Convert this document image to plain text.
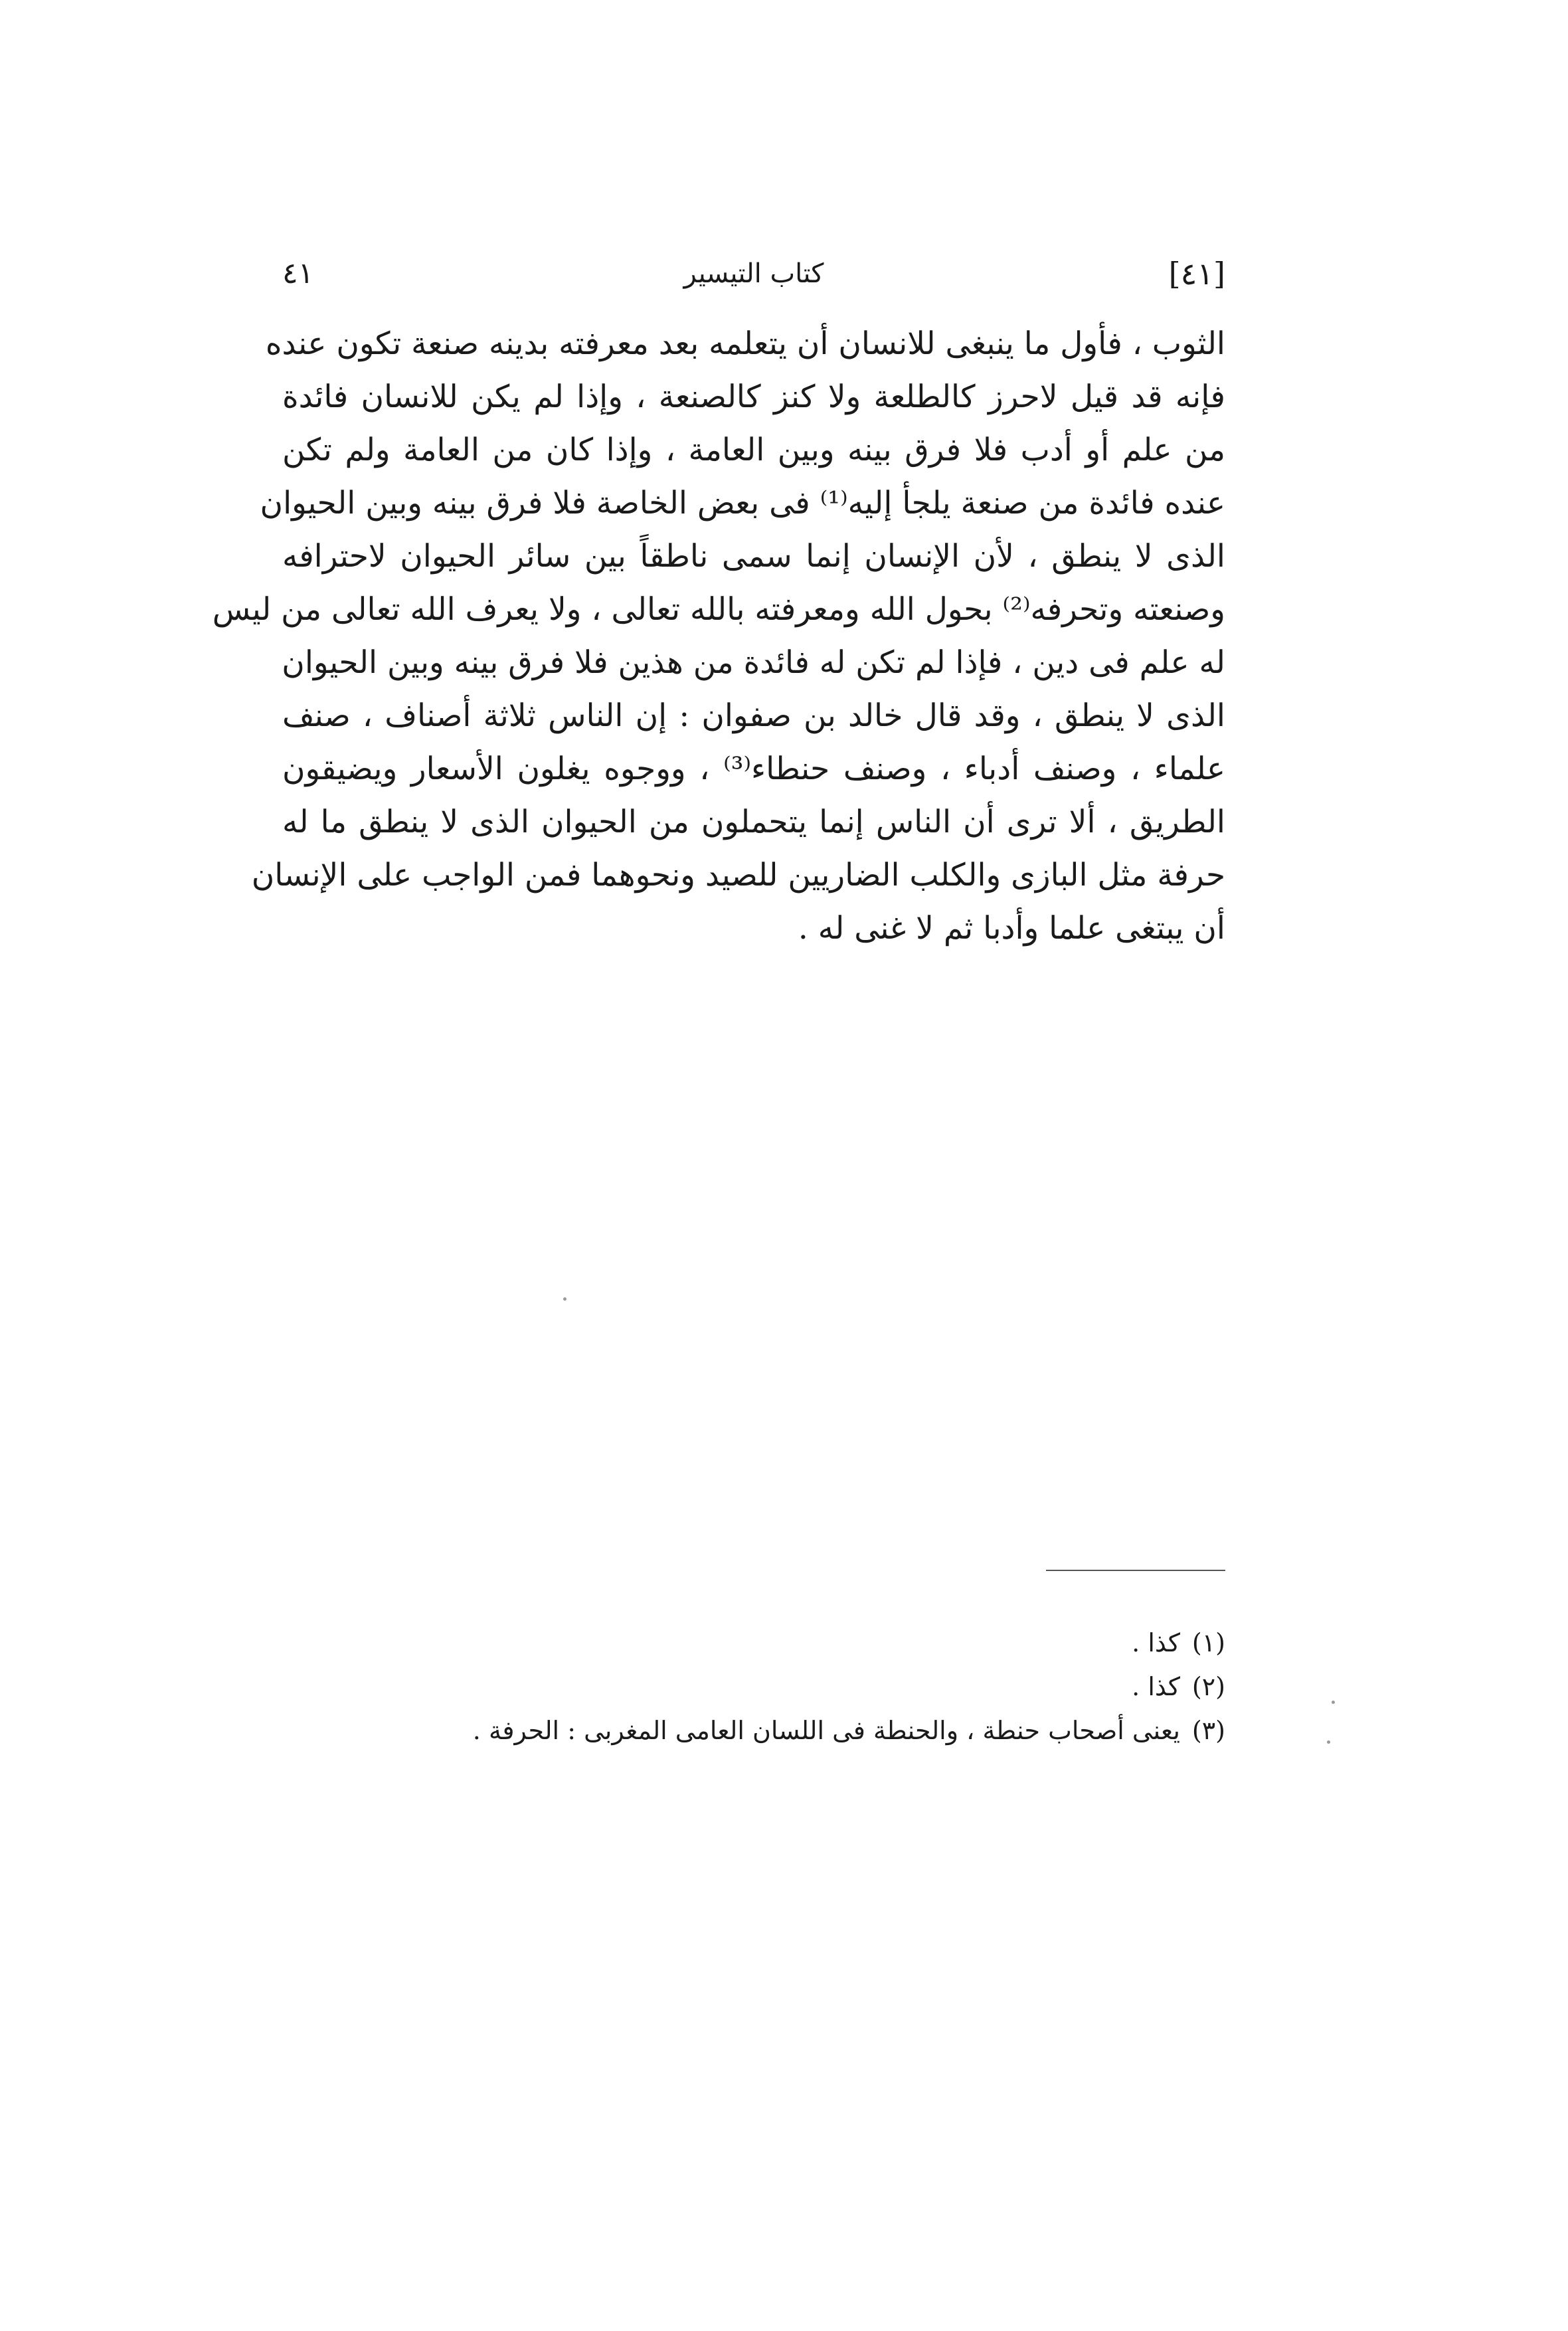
[٤١]
كتاب التيسير
٤١
الثوب ، فأول ما ينبغى للانسان أن يتعلمه بعد معرفته بدينه صنعة تكون عنده
فإنه قد قيل لاحرز كالطلعة ولا كنز كالصنعة ، وإذا لم يكن للانسان فائدة
من علم أو أدب فلا فرق بينه وبين العامة ، وإذا كان من العامة ولم تكن
عنده فائدة من صنعة يلجأ إليه⁽¹⁾ فى بعض الخاصة فلا فرق بينه وبين الحيوان
الذى لا ينطق ، لأن الإنسان إنما سمى ناطقاً بين سائر الحيوان لاحترافه
وصنعته وتحرفه⁽²⁾ بحول الله ومعرفته بالله تعالى ، ولا يعرف الله تعالى من ليس
له علم فى دين ، فإذا لم تكن له فائدة من هذين فلا فرق بينه وبين الحيوان
الذى لا ينطق ، وقد قال خالد بن صفوان : إن الناس ثلاثة أصناف ، صنف
علماء ، وصنف أدباء ، وصنف حنطاء⁽³⁾ ، ووجوه يغلون الأسعار ويضيقون
الطريق ، ألا ترى أن الناس إنما يتحملون من الحيوان الذى لا ينطق ما له
حرفة مثل البازى والكلب الضاريين للصيد ونحوهما فمن الواجب على الإنسان
أن يبتغى علما وأدبا ثم لا غنى له .
(١)كذا .
(٢)كذا .
(٣)يعنى أصحاب حنطة ، والحنطة فى اللسان العامى المغربى : الحرفة .
